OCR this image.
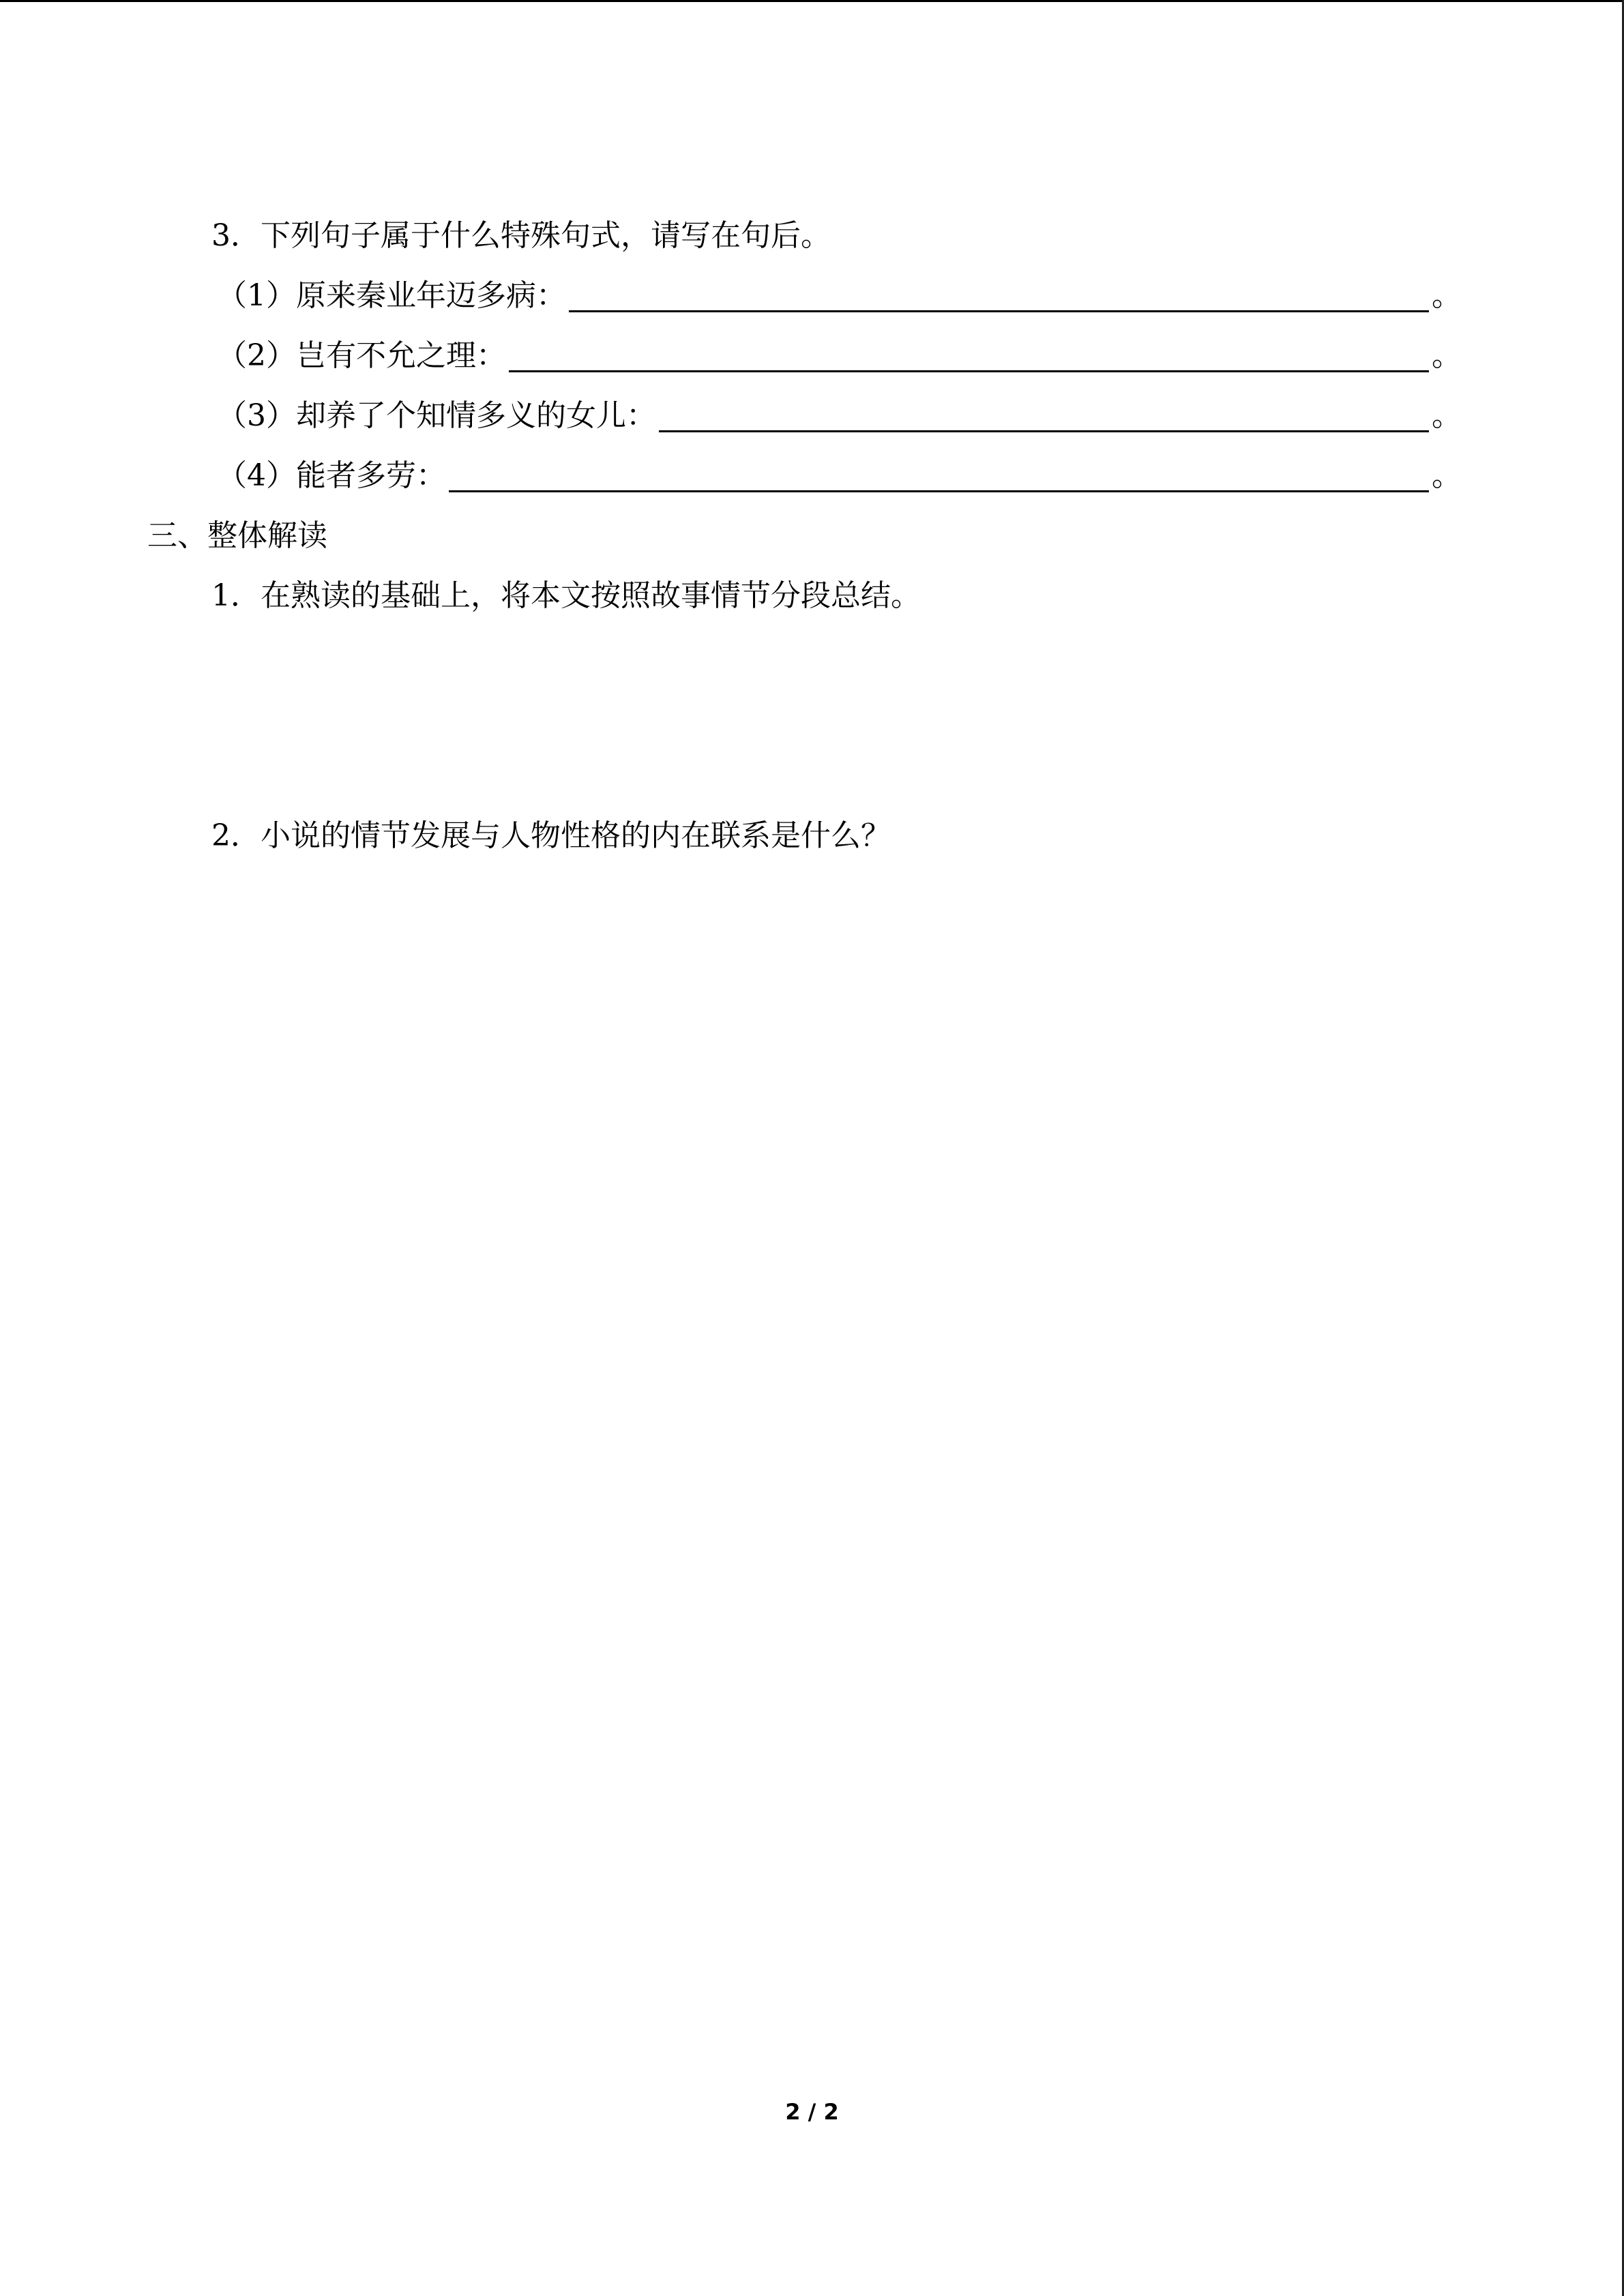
3．下列句子属于什么特殊句式，请写在句后。
（1）原来秦业年迈多病：	。
（2）岂有不允之理：	。
（3）却养了个知情多义的女儿：	。
（4）能者多劳：	。
三、整体解读
1．在熟读的基础上，将本文按照故事情节分段总结。
2．小说的情节发展与人物性格的内在联系是什么？
2 / 2
